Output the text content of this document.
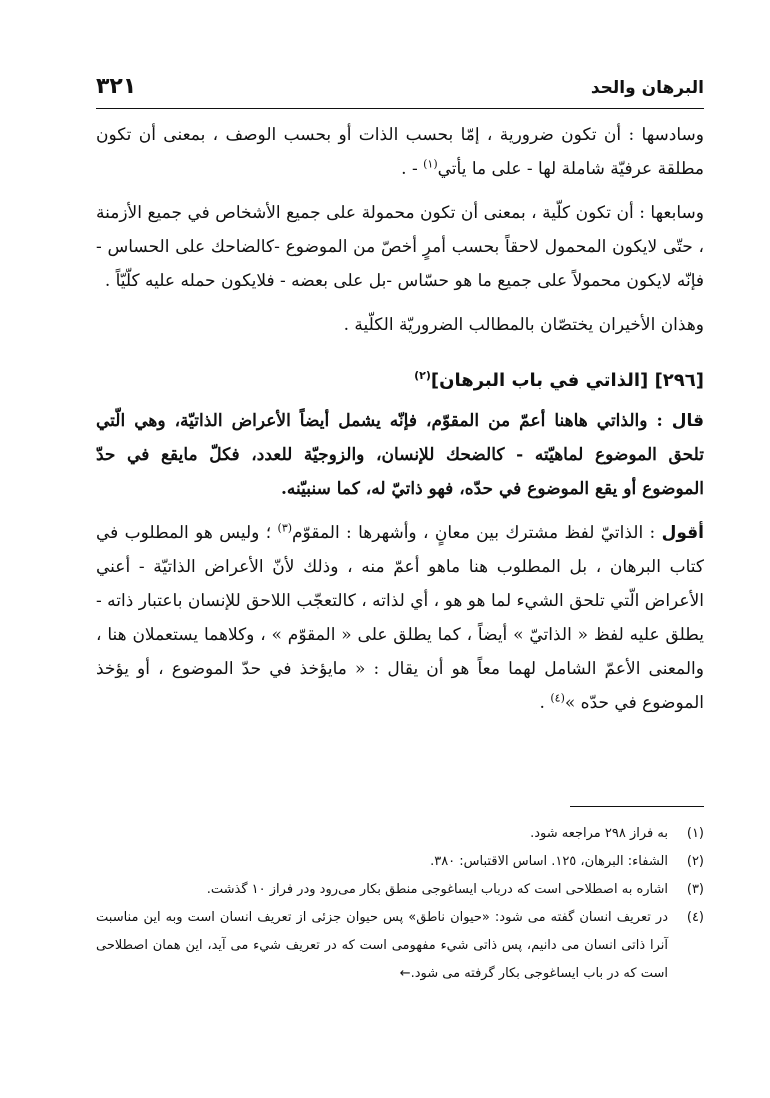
٣٢١	البرهان والحد

وسادسها : أن تكون ضرورية ، إمّا بحسب الذات أو بحسب الوصف ، بمعنى أن تكون مطلقة عرفيّة شاملة لها - على ما يأتي$^{(١)}$ - .

وسابعها : أن تكون كلّية ، بمعنى أن تكون محمولة على جميع الأشخاص في جميع الأزمنة ، حتّى لايكون المحمول لاحقاً بحسب أمرٍ أخصّ من الموضوع -كالضاحك على الحساس - فإنّه لايكون محمولاً على جميع ما هو حسّاس -بل على بعضه - فلايكون حمله عليه كلّيّاً .

وهذان الأخيران يختصّان بالمطالب الضروريّة الكلّية .

[٢٩٦] [الذاتي في باب البرهان]$^{(٢)}$

قال : والذاتي هاهنا أعمّ من المقوّم، فإنّه يشمل أيضاً الأعراض الذاتيّة، وهي الّتي تلحق الموضوع لماهيّته - كالضحك للإنسان، والزوجيّة للعدد، فكلّ مايقع في حدّ الموضوع أو يقع الموضوع في حدّه، فهو ذاتيّ له، كما سنبيّنه.

أقول : الذاتيّ لفظ مشترك بين معانٍ ، وأشهرها : المقوّم$^{(٣)}$ ؛ وليس هو المطلوب في كتاب البرهان ، بل المطلوب هنا ماهو أعمّ منه ، وذلك لأنّ الأعراض الذاتيّة - أعني الأعراض الّتي تلحق الشيء لما هو هو ، أي لذاته ، كالتعجّب اللاحق للإنسان باعتبار ذاته - يطلق عليه لفظ « الذاتيّ » أيضاً ، كما يطلق على « المقوّم » ، وكلاهما يستعملان هنا ، والمعنى الأعمّ الشامل لهما معاً هو أن يقال : « مايؤخذ في حدّ الموضوع ، أو يؤخذ الموضوع في حدّه »$^{(٤)}$ .

(١)
به فراز ٢٩٨ مراجعه شود.
(٢)
الشفاء: البرهان، ١٢٥. اساس الاقتباس: ٣٨٠.
(٣)
اشاره به اصطلاحی است که درباب ایساغوجی منطق بکار می‌رود ودر فراز ١٠ گذشت.
(٤)
در تعریف انسان گفته می شود: «حیوان ناطق» پس حیوان جزئی از تعریف انسان است وبه این مناسبت آنرا ذاتی انسان می دانیم، پس ذاتی شيء مفهومی است که در تعریف شيء می آید، این همان اصطلاحی است که در باب ایساغوجی بکار گرفته می شود.←
